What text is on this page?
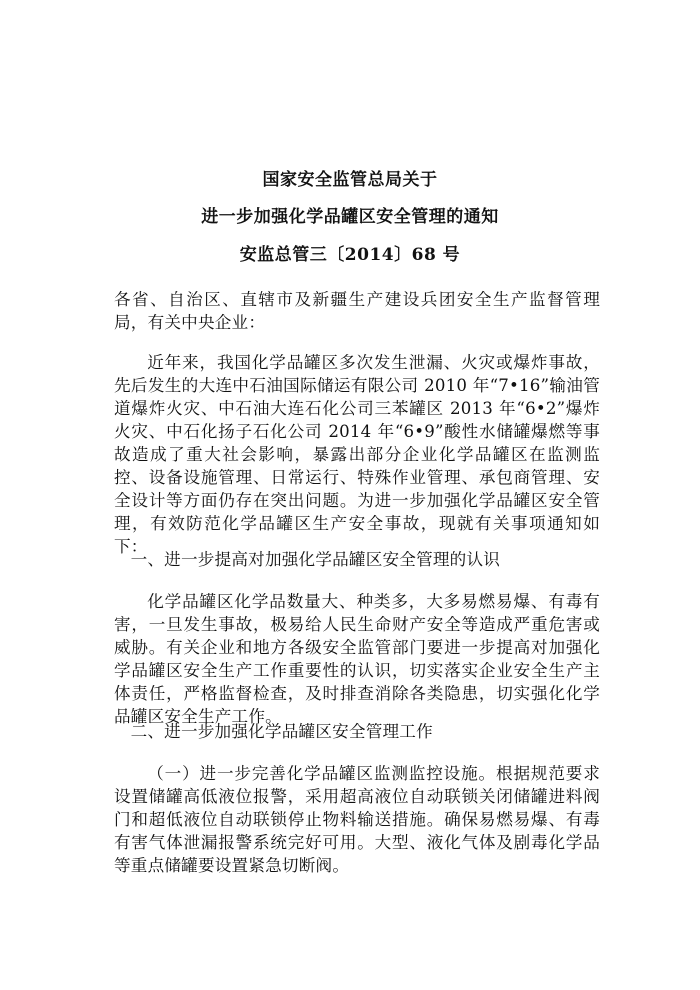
国家安全监管总局关于
进一步加强化学品罐区安全管理的通知
安监总管三〔2014〕68 号
各省、自治区、直辖市及新疆生产建设兵团安全生产监督管理局，有关中央企业：
近年来，我国化学品罐区多次发生泄漏、火灾或爆炸事故，先后发生的大连中石油国际储运有限公司 2010 年“7•16”输油管道爆炸火灾、中石油大连石化公司三苯罐区 2013 年“6•2”爆炸火灾、中石化扬子石化公司 2014 年“6•9”酸性水储罐爆燃等事故造成了重大社会影响，暴露出部分企业化学品罐区在监测监控、设备设施管理、日常运行、特殊作业管理、承包商管理、安全设计等方面仍存在突出问题。为进一步加强化学品罐区安全管理，有效防范化学品罐区生产安全事故，现就有关事项通知如下：
一、进一步提高对加强化学品罐区安全管理的认识
化学品罐区化学品数量大、种类多，大多易燃易爆、有毒有害，一旦发生事故，极易给人民生命财产安全等造成严重危害或威胁。有关企业和地方各级安全监管部门要进一步提高对加强化学品罐区安全生产工作重要性的认识，切实落实企业安全生产主体责任，严格监督检查，及时排查消除各类隐患，切实强化化学品罐区安全生产工作。
二、进一步加强化学品罐区安全管理工作
（一）进一步完善化学品罐区监测监控设施。根据规范要求设置储罐高低液位报警，采用超高液位自动联锁关闭储罐进料阀门和超低液位自动联锁停止物料输送措施。确保易燃易爆、有毒有害气体泄漏报警系统完好可用。大型、液化气体及剧毒化学品等重点储罐要设置紧急切断阀。
